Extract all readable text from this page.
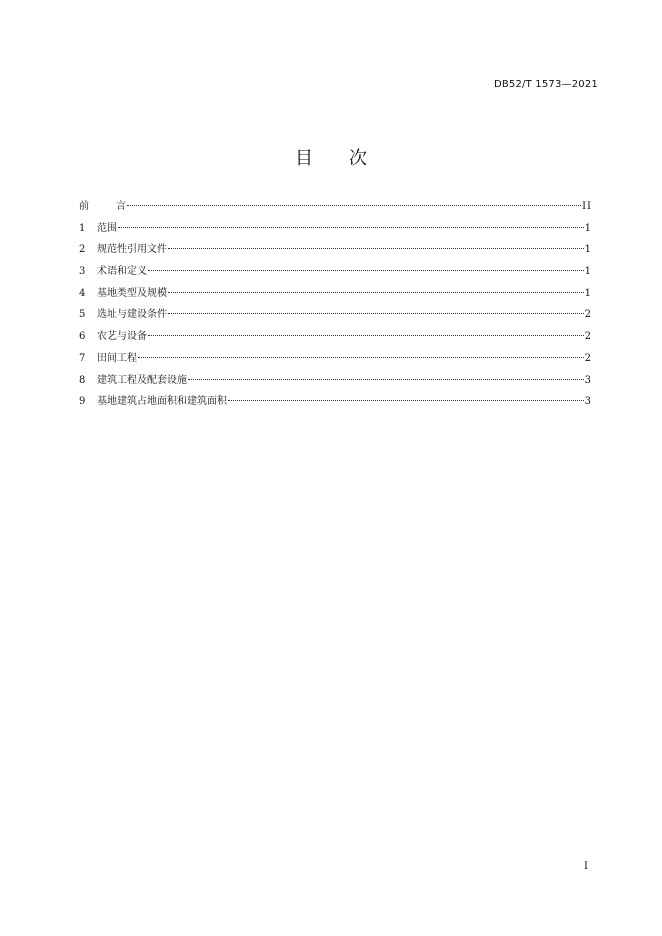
DB52/T 1573—2021
目　　次
前	言	II
1	范围	1
2	规范性引用文件	1
3	术语和定义	1
4	基地类型及规模	1
5	选址与建设条件	2
6	农艺与设备	2
7	田间工程	2
8	建筑工程及配套设施	3
9	基地建筑占地面积和建筑面积	3
I
